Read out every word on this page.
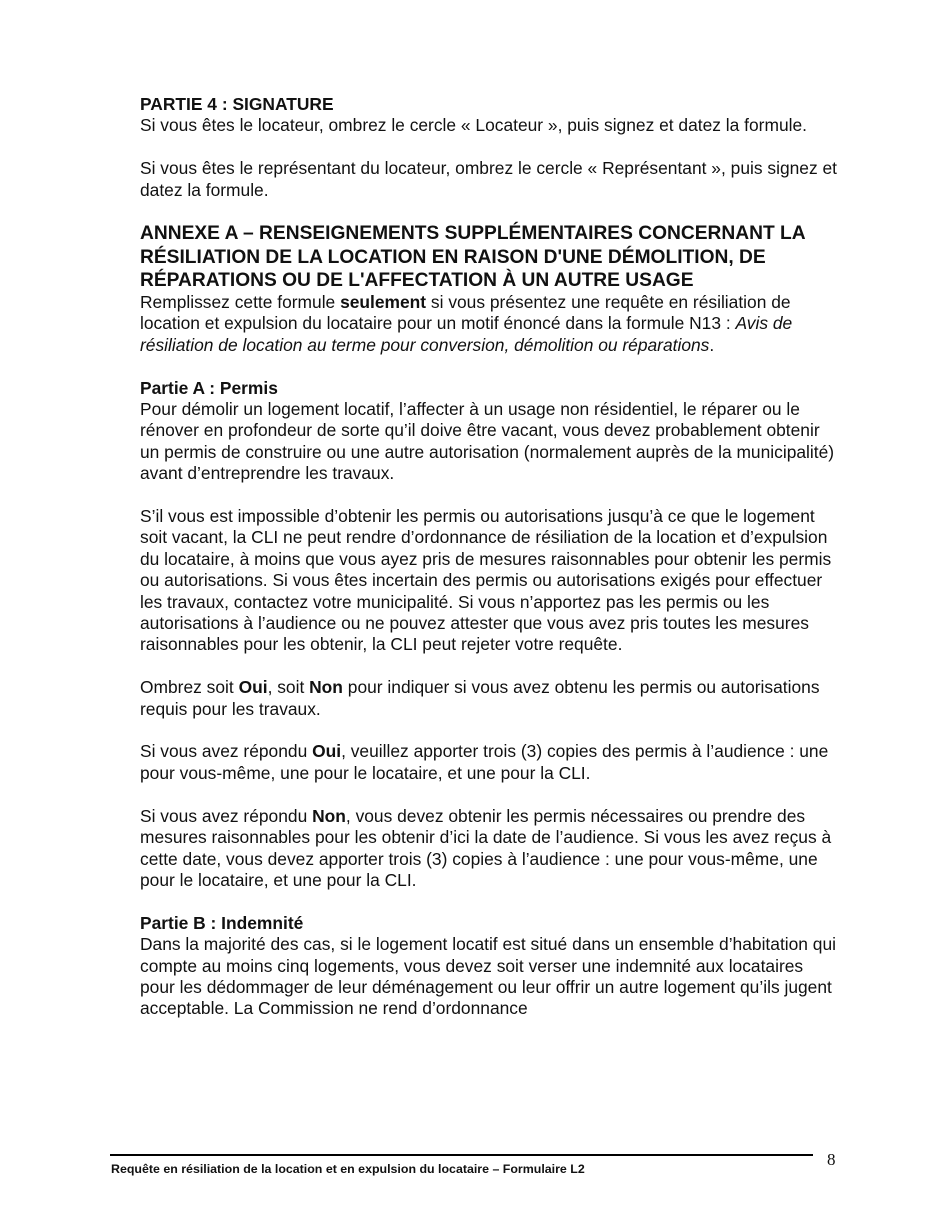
PARTIE 4 : SIGNATURE

Si vous êtes le locateur, ombrez le cercle « Locateur », puis signez et datez la formule.

Si vous êtes le représentant du locateur, ombrez le cercle « Représentant », puis signez et datez la formule.

ANNEXE A – RENSEIGNEMENTS SUPPLÉMENTAIRES CONCERNANT LA RÉSILIATION DE LA LOCATION EN RAISON D'UNE DÉMOLITION, DE RÉPARATIONS OU DE L'AFFECTATION À UN AUTRE USAGE

Remplissez cette formule seulement si vous présentez une requête en résiliation de location et expulsion du locataire pour un motif énoncé dans la formule N13 : Avis de résiliation de location au terme pour conversion, démolition ou réparations.

Partie A : Permis

Pour démolir un logement locatif, l’affecter à un usage non résidentiel, le réparer ou le rénover en profondeur de sorte qu’il doive être vacant, vous devez probablement obtenir un permis de construire ou une autre autorisation (normalement auprès de la municipalité) avant d’entreprendre les travaux.

S’il vous est impossible d’obtenir les permis ou autorisations jusqu’à ce que le logement soit vacant, la CLI ne peut rendre d’ordonnance de résiliation de la location et d’expulsion du locataire, à moins que vous ayez pris de mesures raisonnables pour obtenir les permis ou autorisations. Si vous êtes incertain des permis ou autorisations exigés pour effectuer les travaux, contactez votre municipalité. Si vous n’apportez pas les permis ou les autorisations à l’audience ou ne pouvez attester que vous avez pris toutes les mesures raisonnables pour les obtenir, la CLI peut rejeter votre requête.

Ombrez soit Oui, soit Non pour indiquer si vous avez obtenu les permis ou autorisations requis pour les travaux.

Si vous avez répondu Oui, veuillez apporter trois (3) copies des permis à l’audience : une pour vous-même, une pour le locataire, et une pour la CLI.

Si vous avez répondu Non, vous devez obtenir les permis nécessaires ou prendre des mesures raisonnables pour les obtenir d’ici la date de l’audience. Si vous les avez reçus à cette date, vous devez apporter trois (3) copies à l’audience : une pour vous-même, une pour le locataire, et une pour la CLI.

Partie B : Indemnité

Dans la majorité des cas, si le logement locatif est situé dans un ensemble d’habitation qui compte au moins cinq logements, vous devez soit verser une indemnité aux locataires pour les dédommager de leur déménagement ou leur offrir un autre logement qu’ils jugent acceptable. La Commission ne rend d’ordonnance

Requête en résiliation de la location et en expulsion du locataire – Formulaire L2	8
